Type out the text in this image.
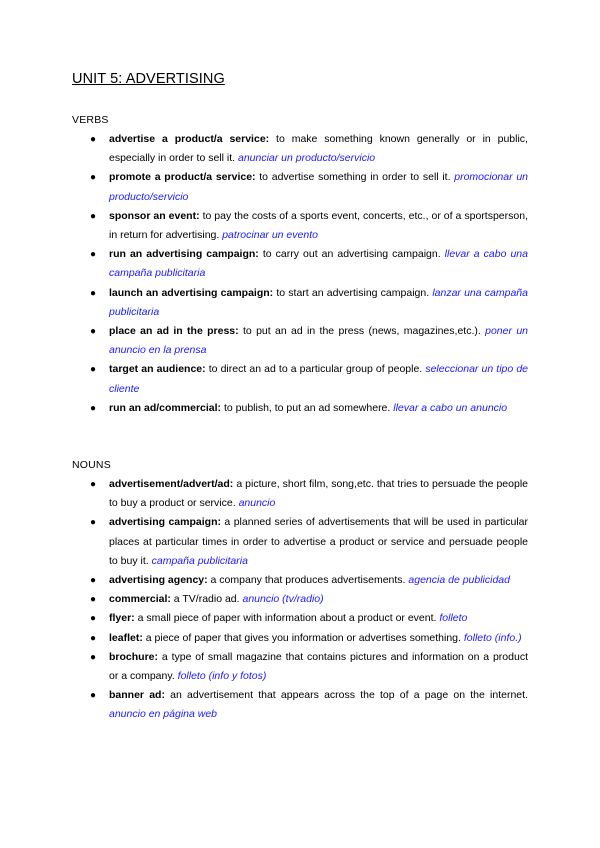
UNIT 5: ADVERTISING
VERBS
● advertise a product/a service: to make something known generally or in public, especially in order to sell it. anunciar un producto/servicio
● promote a product/a service: to advertise something in order to sell it. promocionar un producto/servicio
● sponsor an event: to pay the costs of a sports event, concerts, etc., or of a sportsperson, in return for advertising. patrocinar un evento
● run an advertising campaign: to carry out an advertising campaign. llevar a cabo una campaña publicitaria
● launch an advertising campaign: to start an advertising campaign. lanzar una campaña publicitaria
● place an ad in the press: to put an ad in the press (news, magazines,etc.). poner un anuncio en la prensa
● target an audience: to direct an ad to a particular group of people. seleccionar un tipo de cliente
● run an ad/commercial: to publish, to put an ad somewhere. llevar a cabo un anuncio
NOUNS
● advertisement/advert/ad: a picture, short film, song,etc. that tries to persuade the people to buy a product or service. anuncio
● advertising campaign: a planned series of advertisements that will be used in particular places at particular times in order to advertise a product or service and persuade people to buy it. campaña publicitaria
● advertising agency: a company that produces advertisements. agencia de publicidad
● commercial: a TV/radio ad. anuncio (tv/radio)
● flyer: a small piece of paper with information about a product or event. folleto
● leaflet: a piece of paper that gives you information or advertises something. folleto (info.)
● brochure: a type of small magazine that contains pictures and information on a product or a company. folleto (info y fotos)
● banner ad: an advertisement that appears across the top of a page on the internet. anuncio en página web
